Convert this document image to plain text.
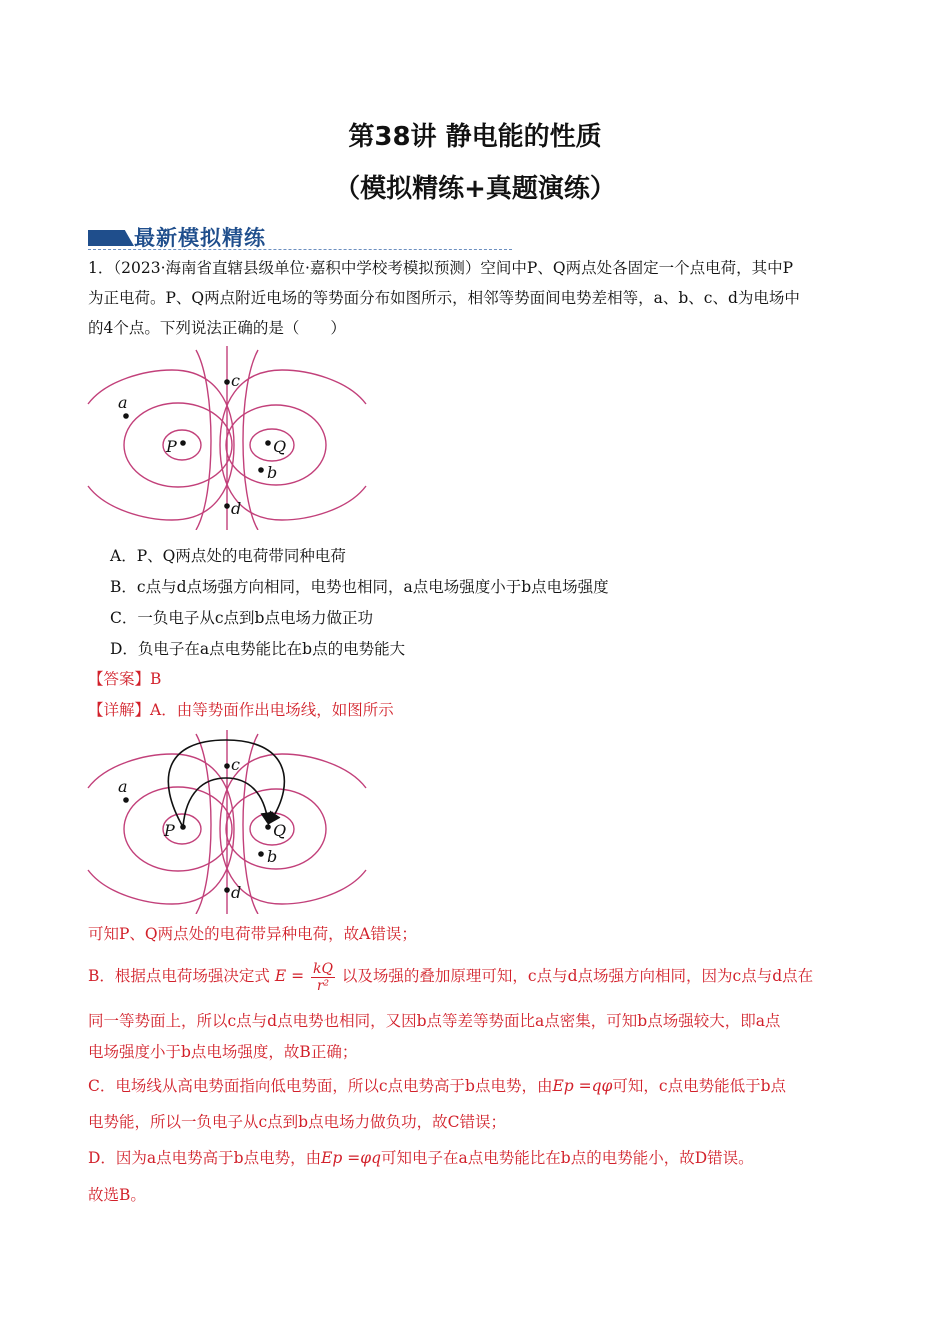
第38讲 静电能的性质
（模拟精练+真题演练）
最新模拟精练
1．（2023·海南省直辖县级单位·嘉积中学校考模拟预测）空间中P、Q两点处各固定一个点电荷，其中P
为正电荷。P、Q两点附近电场的等势面分布如图所示，相邻等势面间电势差相等，a、b、c、d为电场中
的4个点。下列说法正确的是（　　）
c
a
P	Q
b
d
A．P、Q两点处的电荷带同种电荷
B．c点与d点场强方向相同，电势也相同，a点电场强度小于b点电场强度
C．一负电子从c点到b点电场力做正功
D．负电子在a点电势能比在b点的电势能大
【答案】B
【详解】A．由等势面作出电场线，如图所示
c
a
P	Q
b
d
可知P、Q两点处的电荷带异种电荷，故A错误；
B．根据点电荷场强决定式 $E = \frac{kQ}{\text{r²}}$ 以及场强的叠加原理可知，c点与d点场强方向相同，因为c点与d点在
同一等势面上，所以c点与d点电势也相同，又因b点等差等势面比a点密集，可知b点场强较大，即a点
电场强度小于b点电场强度，故B正确；
C．电场线从高电势面指向低电势面，所以c点电势高于b点电势，由Ep =qφ可知，c点电势能低于b点
电势能，所以一负电子从c点到b点电场力做负功，故C错误；
D．因为a点电势高于b点电势，由Ep =φq可知电子在a点电势能比在b点的电势能小，故D错误。
故选B。
